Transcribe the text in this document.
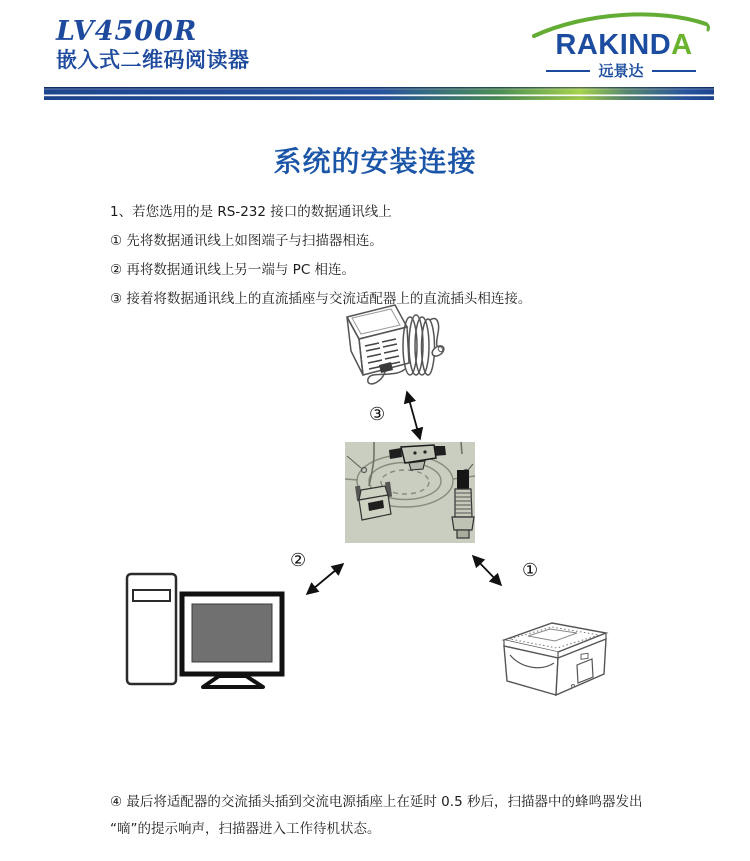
LV4500R
嵌入式二维码阅读器	RAKINDA
远景达
系统的安装连接

1、若您选用的是 RS-232 接口的数据通讯线上

① 先将数据通讯线上如图端子与扫描器相连。

② 再将数据通讯线上另一端与 PC 相连。

③ 接着将数据通讯线上的直流插座与交流适配器上的直流插头相连接。

③
②	①

④ 最后将适配器的交流插头插到交流电源插座上在延时 0.5 秒后，扫描器中的蜂鸣器发出

“嘀”的提示响声，扫描器进入工作待机状态。
